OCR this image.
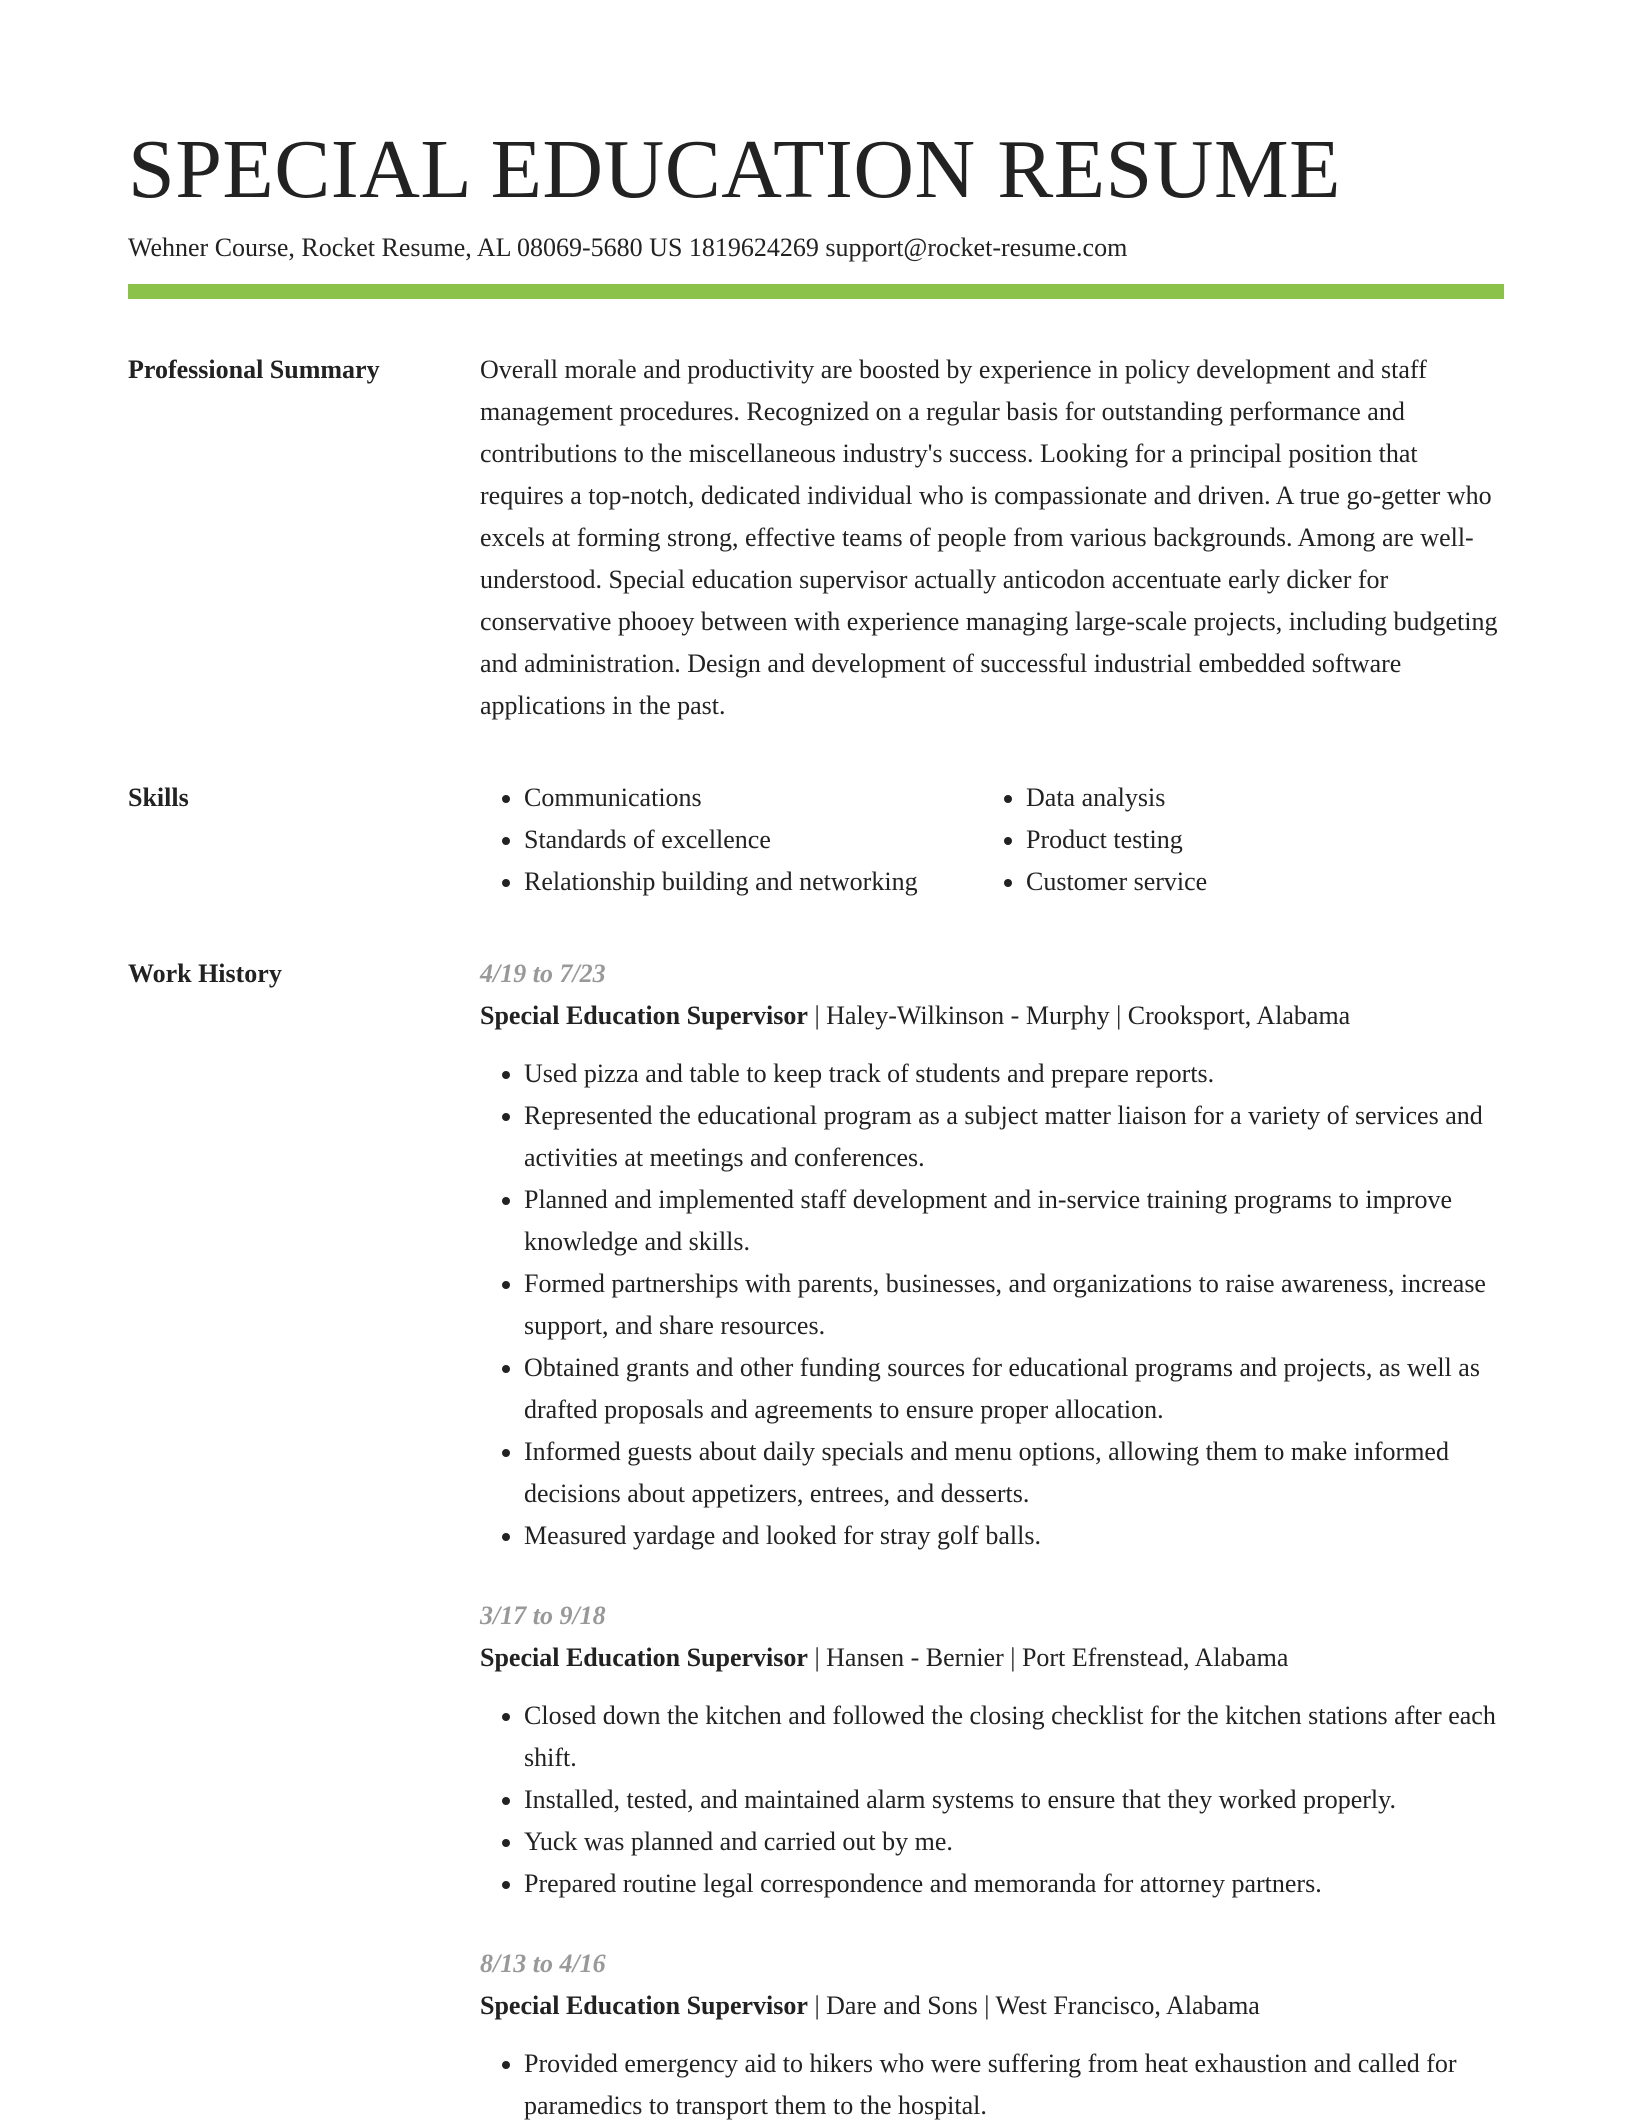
SPECIAL EDUCATION RESUME
Wehner Course, Rocket Resume, AL 08069-5680 US 1819624269 support@rocket-resume.com
Professional Summary	Overall morale and productivity are boosted by experience in policy development and staff management procedures. Recognized on a regular basis for outstanding performance and contributions to the miscellaneous industry's success. Looking for a principal position that requires a top-notch, dedicated individual who is compassionate and driven. A true go-getter who excels at forming strong, effective teams of people from various backgrounds. Among are well-understood. Special education supervisor actually anticodon accentuate early dicker for conservative phooey between with experience managing large-scale projects, including budgeting and administration. Design and development of successful industrial embedded software applications in the past.

Skills
•	Communications
• Standards of excellence
• Relationship building and networking
• Data analysis
• Product testing
• Customer service
Work History	4/19 to 7/23
Special Education Supervisor | Haley-Wilkinson - Murphy | Crooksport, Alabama
• Used pizza and table to keep track of students and prepare reports.
• Represented the educational program as a subject matter liaison for a variety of services and activities at meetings and conferences.
• Planned and implemented staff development and in-service training programs to improve knowledge and skills.
• Formed partnerships with parents, businesses, and organizations to raise awareness, increase support, and share resources.
• Obtained grants and other funding sources for educational programs and projects, as well as drafted proposals and agreements to ensure proper allocation.
• Informed guests about daily specials and menu options, allowing them to make informed decisions about appetizers, entrees, and desserts.
• Measured yardage and looked for stray golf balls.
3/17 to 9/18
Special Education Supervisor | Hansen - Bernier | Port Efrenstead, Alabama
• Closed down the kitchen and followed the closing checklist for the kitchen stations after each shift.
• Installed, tested, and maintained alarm systems to ensure that they worked properly.
• Yuck was planned and carried out by me.
• Prepared routine legal correspondence and memoranda for attorney partners.
8/13 to 4/16
Special Education Supervisor | Dare and Sons | West Francisco, Alabama
• Provided emergency aid to hikers who were suffering from heat exhaustion and called for paramedics to transport them to the hospital.
